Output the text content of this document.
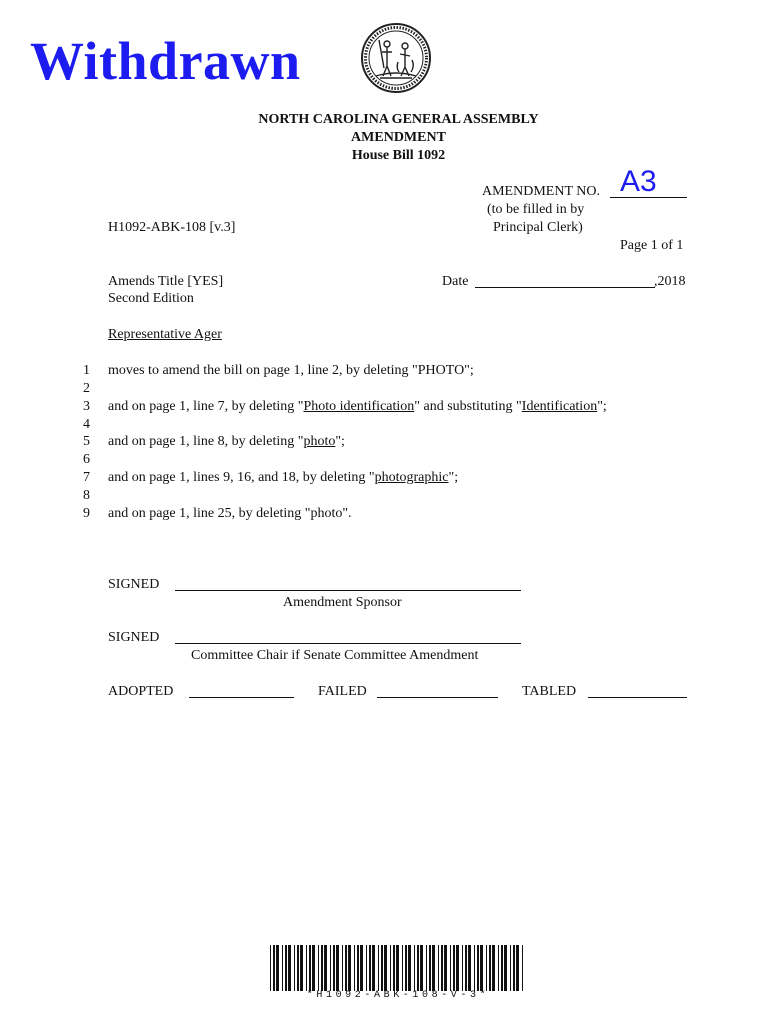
Withdrawn
NORTH CAROLINA GENERAL ASSEMBLY
AMENDMENT
House Bill 1092
AMENDMENT NO. A3
(to be filled in by
Principal Clerk)
H1092-ABK-108 [v.3]
Page 1 of 1
Amends Title [YES]
Second Edition
Date	,2018
Representative Ager
1
2
3
4
5
6
7
8
9
moves to amend the bill on page 1, line 2, by deleting "PHOTO";
and on page 1, line 7, by deleting "Photo identification" and substituting "Identification";
and on page 1, line 8, by deleting "photo";
and on page 1, lines 9, 16, and 18, by deleting "photographic";
and on page 1, line 25, by deleting "photo".
SIGNED
Amendment Sponsor
SIGNED
Committee Chair if Senate Committee Amendment
ADOPTED	FAILED	TABLED
*H1092-ABK-108-V-3*
